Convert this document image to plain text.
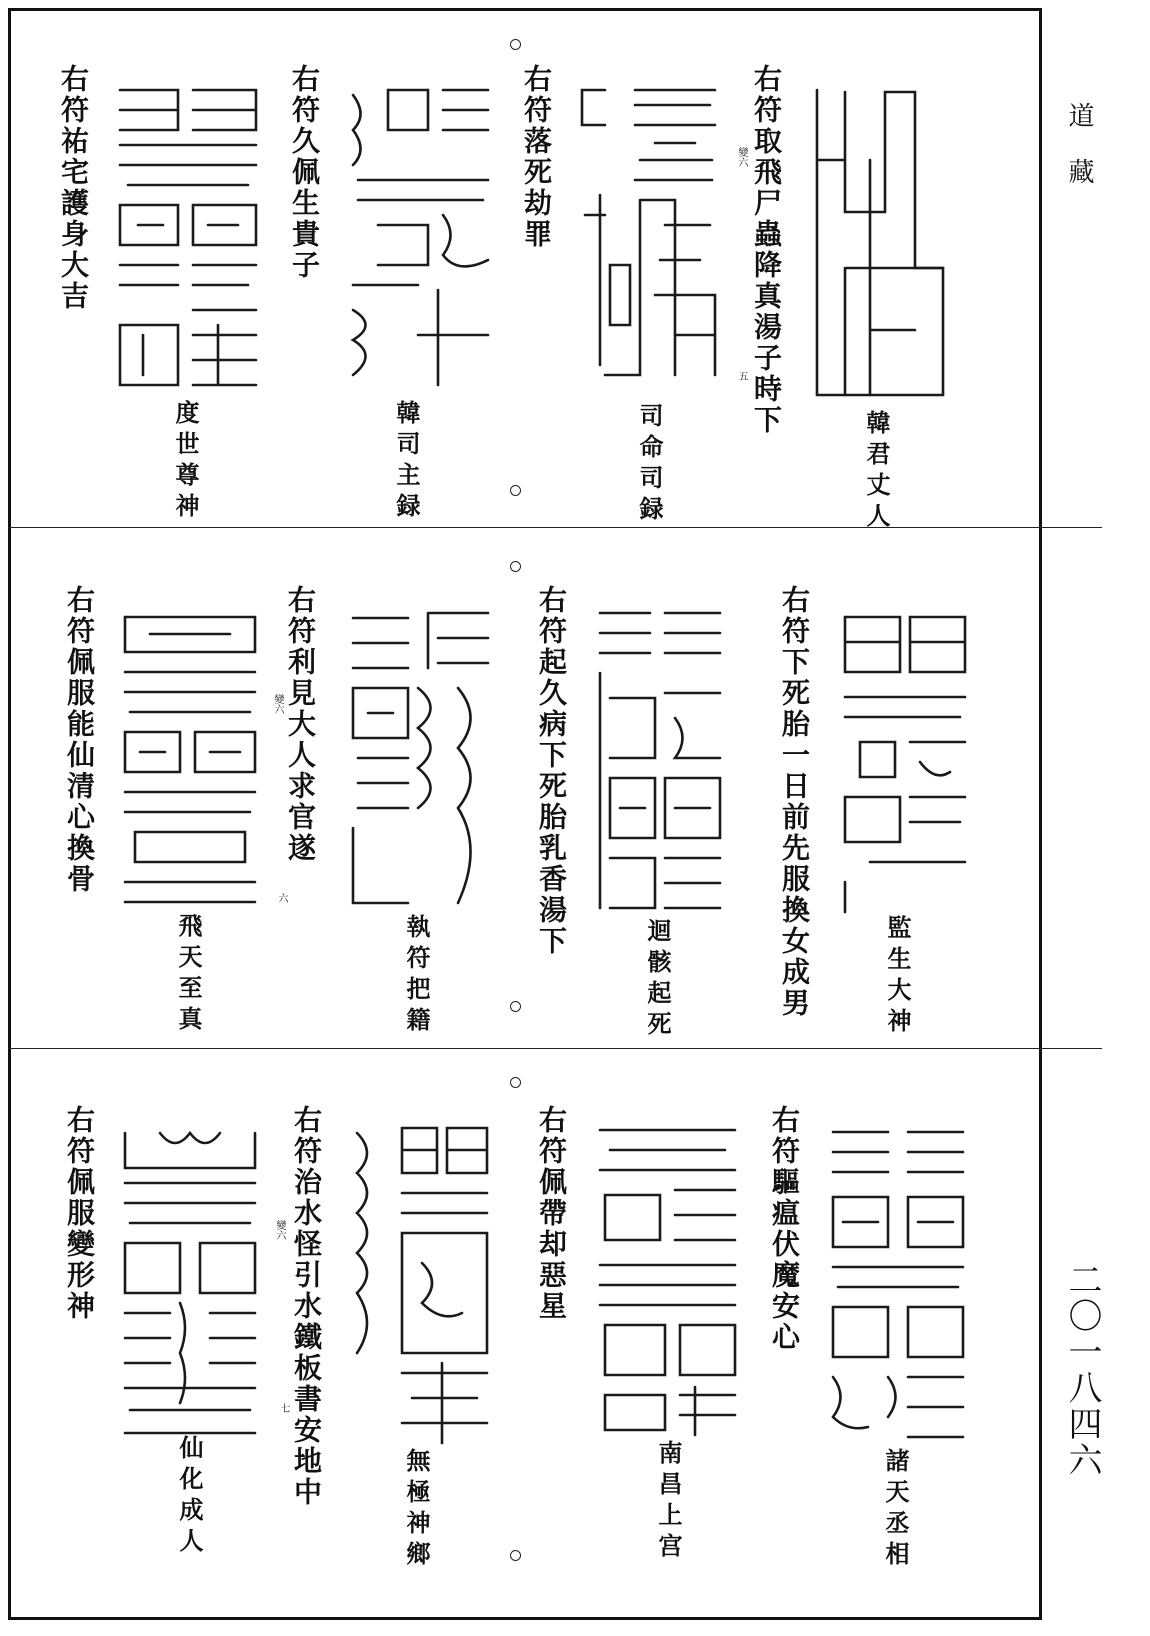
道藏
二〇一八四六
右符取飛尸蟲降真湯子時下
變六
五
韓君丈人
右符落死劫罪
司命司録
右符久佩生貴子
韓司主録
右符祐宅護身大吉
度世尊神
右符下死胎一日前先服換女成男	監生大神
右符起久病下死胎乳香湯下
迴骸起死
右符利見大人求官遂
變六
六
執符把籍
右符佩服能仙清心換骨
飛天至真
右符驅瘟伏魔安心
諸天丞相
右符佩帶却惡星
南昌上宫
右符治水怪引水鐵板書安地中
變六
七
無極神鄉
右符佩服變形神
仙化成人
